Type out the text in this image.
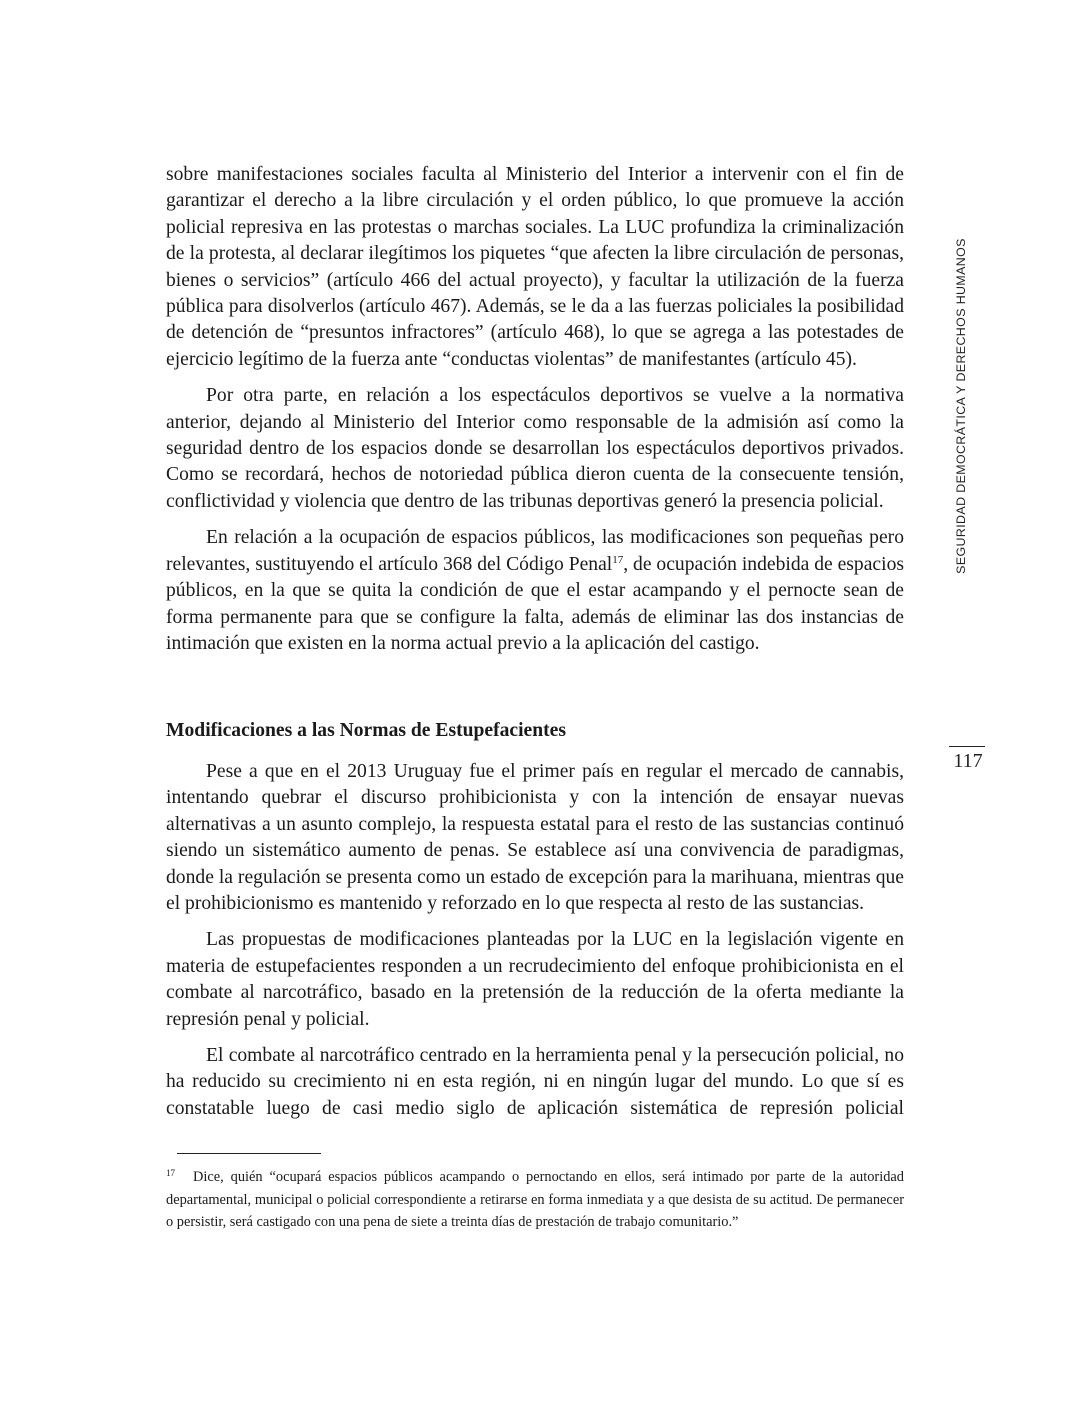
SEGURIDAD DEMOCRÁTICA Y DERECHOS HUMANOS
117

sobre manifestaciones sociales faculta al Ministerio del Interior a intervenir con el fin de garantizar el derecho a la libre circulación y el orden público, lo que promueve la acción policial represiva en las protestas o marchas sociales. La LUC profundiza la criminalización de la protesta, al declarar ilegítimos los piquetes “que afecten la libre circulación de personas, bienes o servicios” (artículo 466 del actual proyecto), y facultar la utilización de la fuerza pública para disolverlos (artículo 467). Además, se le da a las fuerzas policiales la posibilidad de detención de “presuntos infractores” (artículo 468), lo que se agrega a las potestades de ejercicio legítimo de la fuerza ante “conductas violentas” de manifestantes (artículo 45).

Por otra parte, en relación a los espectáculos deportivos se vuelve a la normativa anterior, dejando al Ministerio del Interior como responsable de la admisión así como la seguridad dentro de los espacios donde se desarrollan los espectáculos deportivos privados. Como se recordará, hechos de notoriedad pública dieron cuenta de la consecuente tensión, conflictividad y violencia que dentro de las tribunas deportivas generó la presencia policial.

En relación a la ocupación de espacios públicos, las modificaciones son pequeñas pero relevantes, sustituyendo el artículo 368 del Código Penal$^{17}$, de ocupación indebida de espacios públicos, en la que se quita la condición de que el estar acampando y el pernocte sean de forma permanente para que se configure la falta, además de eliminar las dos instancias de intimación que existen en la norma actual previo a la aplicación del castigo.

Modificaciones a las Normas de Estupefacientes

Pese a que en el 2013 Uruguay fue el primer país en regular el mercado de cannabis, intentando quebrar el discurso prohibicionista y con la intención de ensayar nuevas alternativas a un asunto complejo, la respuesta estatal para el resto de las sustancias continuó siendo un sistemático aumento de penas. Se establece así una convivencia de paradigmas, donde la regulación se presenta como un estado de excepción para la marihuana, mientras que el prohibicionismo es mantenido y reforzado en lo que respecta al resto de las sustancias.

Las propuestas de modificaciones planteadas por la LUC en la legislación vigente en materia de estupefacientes responden a un recrudecimiento del enfoque prohibicionista en el combate al narcotráfico, basado en la pretensión de la reducción de la oferta mediante la represión penal y policial.

El combate al narcotráfico centrado en la herramienta penal y la persecución policial, no ha reducido su crecimiento ni en esta región, ni en ningún lugar del mundo. Lo que sí es constatable luego de casi medio siglo de aplicación sistemática de represión policial

$^{17}$ Dice, quién “ocupará espacios públicos acampando o pernoctando en ellos, será intimado por parte de la autoridad departamental, municipal o policial correspondiente a retirarse en forma inmediata y a que desista de su actitud. De permanecer o persistir, será castigado con una pena de siete a treinta días de prestación de trabajo comunitario.”
